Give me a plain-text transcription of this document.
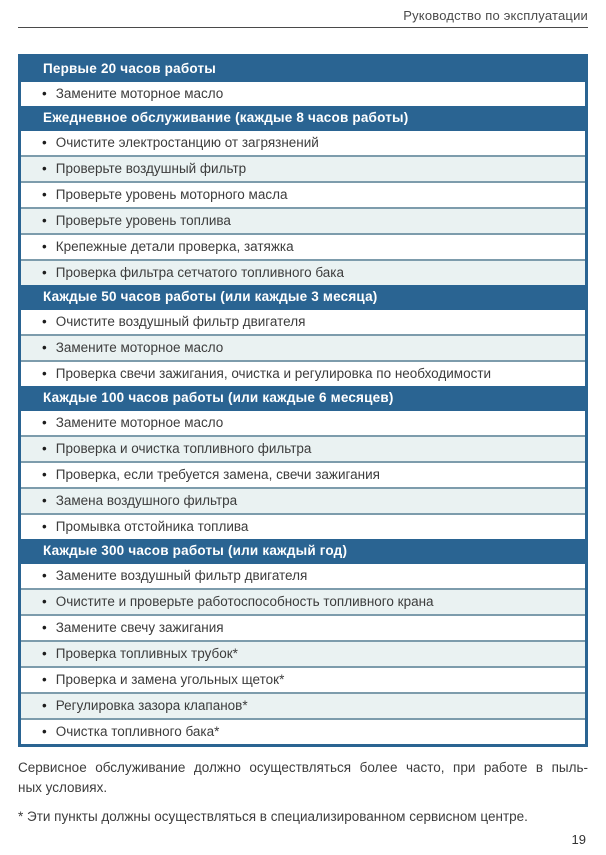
Руководство по эксплуатации
Первые 20 часов работы
• Замените моторное масло
Ежедневное обслуживание (каждые 8 часов работы)
• Очистите электростанцию от загрязнений
• Проверьте воздушный фильтр
• Проверьте уровень моторного масла
• Проверьте уровень топлива
• Крепежные детали проверка, затяжка
• Проверка фильтра сетчатого топливного бака
Каждые 50 часов работы (или каждые 3 месяца)
• Очистите воздушный фильтр двигателя
• Замените моторное масло
• Проверка свечи зажигания, очистка и регулировка по необходимости
Каждые 100 часов работы (или каждые 6 месяцев)
• Замените моторное масло
• Проверка и очистка топливного фильтра
• Проверка, если требуется замена, свечи зажигания
• Замена воздушного фильтра
• Промывка отстойника топлива
Каждые 300 часов работы (или каждый год)
• Замените воздушный фильтр двигателя
• Очистите и проверьте работоспособность топливного крана
• Замените свечу зажигания
• Проверка топливных трубок*
• Проверка и замена угольных щеток*
• Регулировка зазора клапанов*
• Очистка топливного бака*
Сервисное обслуживание должно осуществляться более часто, при работе в пыль-
ных условиях.
* Эти пункты должны осуществляться в специализированном сервисном центре.
19
